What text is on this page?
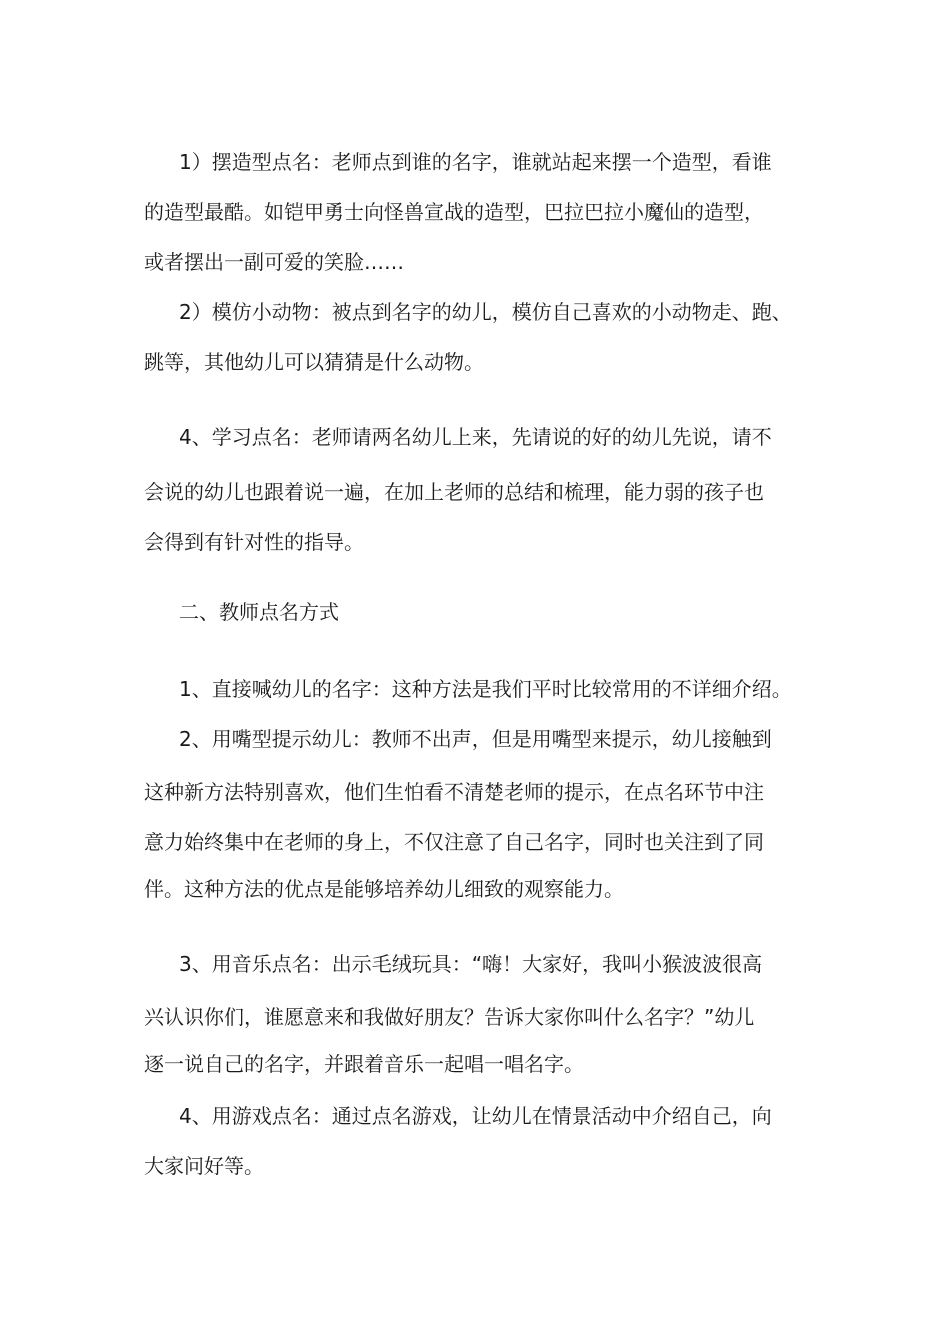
1）摆造型点名：老师点到谁的名字，谁就站起来摆一个造型，看谁
的造型最酷。如铠甲勇士向怪兽宣战的造型，巴拉巴拉小魔仙的造型，
或者摆出一副可爱的笑脸……
2）模仿小动物：被点到名字的幼儿，模仿自己喜欢的小动物走、跑、
跳等，其他幼儿可以猜猜是什么动物。
4、学习点名：老师请两名幼儿上来，先请说的好的幼儿先说，请不
会说的幼儿也跟着说一遍，在加上老师的总结和梳理，能力弱的孩子也
会得到有针对性的指导。
二、教师点名方式
1、直接喊幼儿的名字：这种方法是我们平时比较常用的不详细介绍。
2、用嘴型提示幼儿：教师不出声，但是用嘴型来提示，幼儿接触到
这种新方法特别喜欢，他们生怕看不清楚老师的提示，在点名环节中注
意力始终集中在老师的身上，不仅注意了自己名字，同时也关注到了同
伴。这种方法的优点是能够培养幼儿细致的观察能力。
3、用音乐点名：出示毛绒玩具：“嗨！大家好，我叫小猴波波很高
兴认识你们，谁愿意来和我做好朋友？告诉大家你叫什么名字？”幼儿
逐一说自己的名字，并跟着音乐一起唱一唱名字。
4、用游戏点名：通过点名游戏，让幼儿在情景活动中介绍自己，向
大家问好等。
